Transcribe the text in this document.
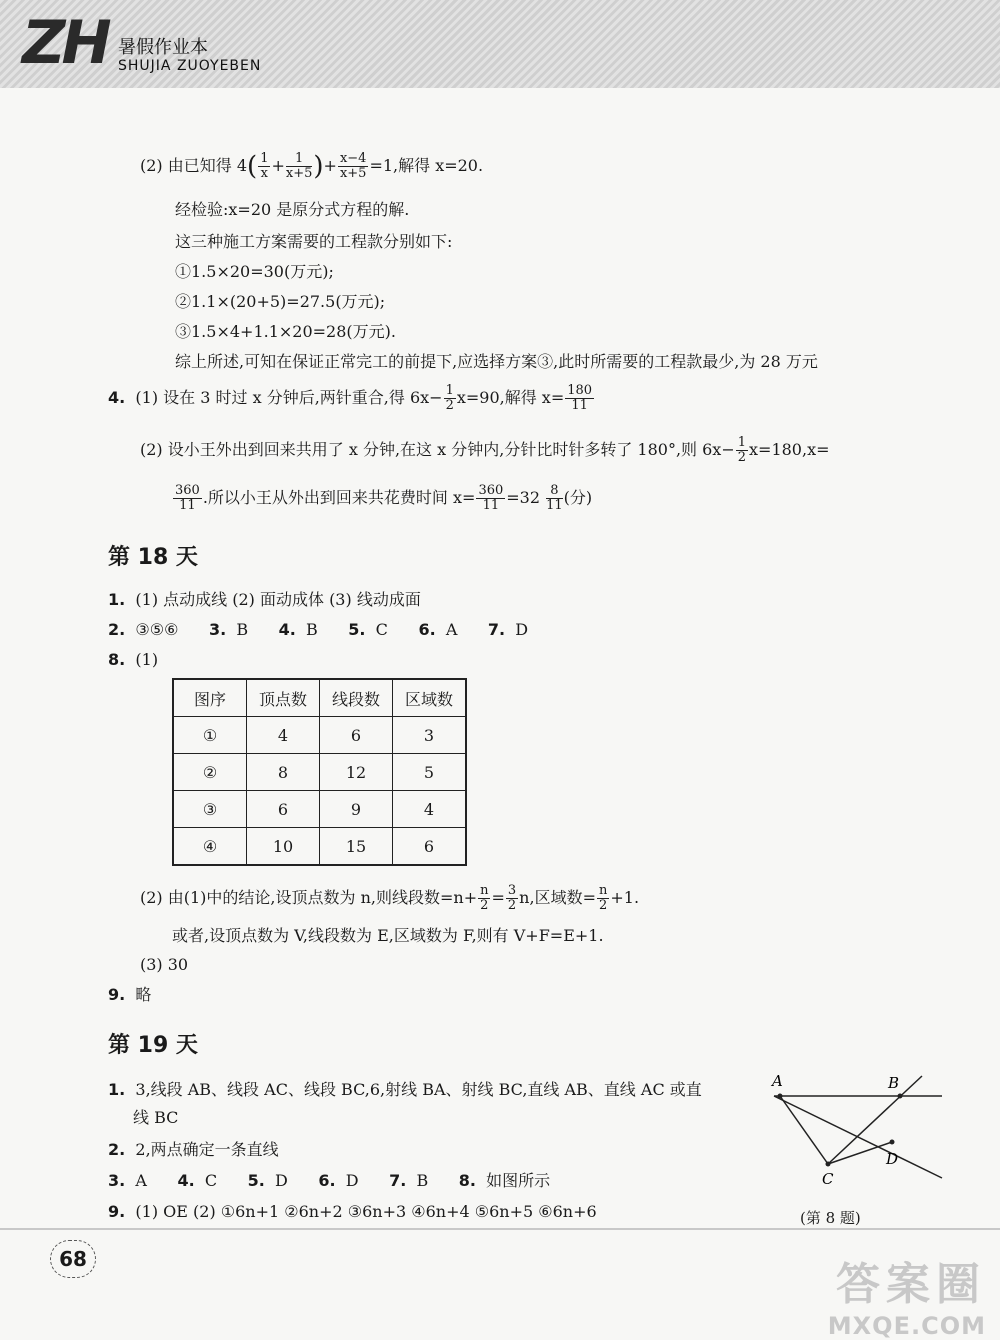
ZH 暑假作业本
SHUJIA ZUOYEBEN
(2) 由已知得 $4( \frac{1}{x} + \frac{1}{x+5}$ )+ $\frac{x-4}{x+5} =1$,解得 x=20.
经检验:x=20 是原分式方程的解.
这三种施工方案需要的工程款分别如下:
①1.5×20=30(万元);
②1.1×(20+5)=27.5(万元);
③1.5×4+1.1×20=28(万元).
综上所述,可知在保证正常完工的前提下,应选择方案③,此时所需要的工程款最少,为 28 万元
4. (1) 设在 3 时过 x 分钟后,两针重合,得 $6x- \frac{1}{2} x=90$,解得 $x= \frac{180}{11}$
(2) 设小王外出到回来共用了 x 分钟,在这 x 分钟内,分针比时针多转了 180°,则 $6x- \frac{1}{2} x=180,x=$
$\frac{360}{11}$ .所以小王从外出到回来共花费时间 $x= \frac{360}{11} =32 \frac{8}{11}$ (分)
第 18 天
1. (1) 点动成线 (2) 面动成体 (3) 线动成面
2. ③⑤⑥ 3. B 4. B 5. C 6. A 7. D
8. (1)
图序	顶点数	线段数	区域数
①	4	6	3
②	8	12	5
③	6	9	4
④	10	15	6
(2) 由(1)中的结论,设顶点数为 n,则线段数$=n+ \frac{n}{2} = \frac{3}{2} n$,区域数= $\frac{n}{2} +1$.
或者,设顶点数为 V,线段数为 E,区域数为 F,则有 V+F=E+1.
(3) 30
9. 略
第 19 天
1. 3,线段 AB、线段 AC、线段 BC,6,射线 BA、射线 BC,直线 AB、直线 AC 或直
线 BC
2. 2,两点确定一条直线
3. A 4. C 5. D 6. D 7. B 8. 如图所示
9. (1) OE (2) ①6n+1 ②6n+2 ③6n+3 ④6n+4 ⑤6n+5 ⑥6n+6
A	B
C
D
(第 8 题)
68	答案圈
MXQE.COM
